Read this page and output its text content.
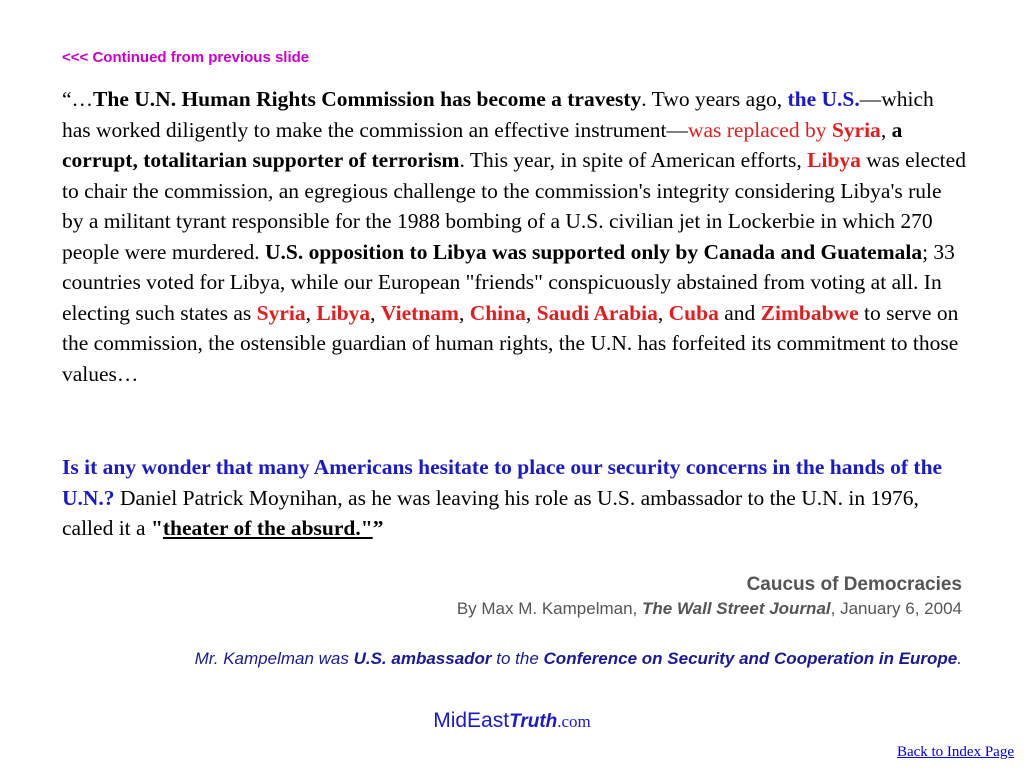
<<< Continued from previous slide

“…The U.N. Human Rights Commission has become a travesty. Two years ago, the U.S.—which has worked diligently to make the commission an effective instrument—was replaced by Syria, a corrupt, totalitarian supporter of terrorism. This year, in spite of American efforts, Libya was elected to chair the commission, an egregious challenge to the commission's integrity considering Libya's rule by a militant tyrant responsible for the 1988 bombing of a U.S. civilian jet in Lockerbie in which 270 people were murdered. U.S. opposition to Libya was supported only by Canada and Guatemala; 33 countries voted for Libya, while our European "friends" conspicuously abstained from voting at all. In electing such states as Syria, Libya, Vietnam, China, Saudi Arabia, Cuba and Zimbabwe to serve on the commission, the ostensible guardian of human rights, the U.N. has forfeited its commitment to those values…

Is it any wonder that many Americans hesitate to place our security concerns in the hands of the U.N.? Daniel Patrick Moynihan, as he was leaving his role as U.S. ambassador to the U.N. in 1976, called it a "theater of the absurd."”

Caucus of Democracies

By Max M. Kampelman, The Wall Street Journal, January 6, 2004

Mr. Kampelman was U.S. ambassador to the Conference on Security and Cooperation in Europe.

MidEastTruth.com
Back to Index Page
